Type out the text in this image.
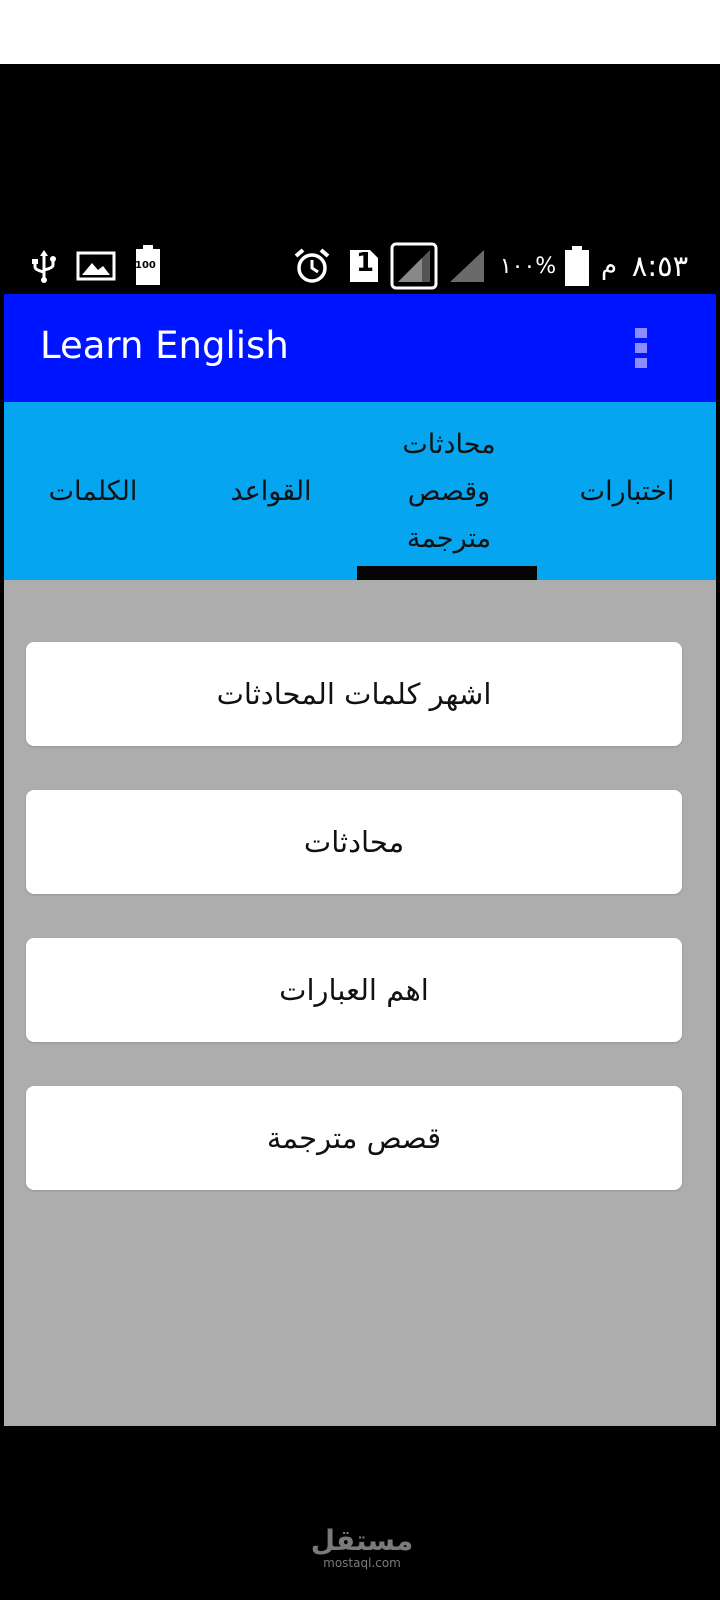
100	1	١٠٠% م ٨:٥٣
Learn English
الكلمات	القواعد
محادثات وقصص مترجمة
اختبارات
اشهر كلمات المحادثات
محادثات
اهم العبارات
قصص مترجمة
مستقل
mostaql.com
